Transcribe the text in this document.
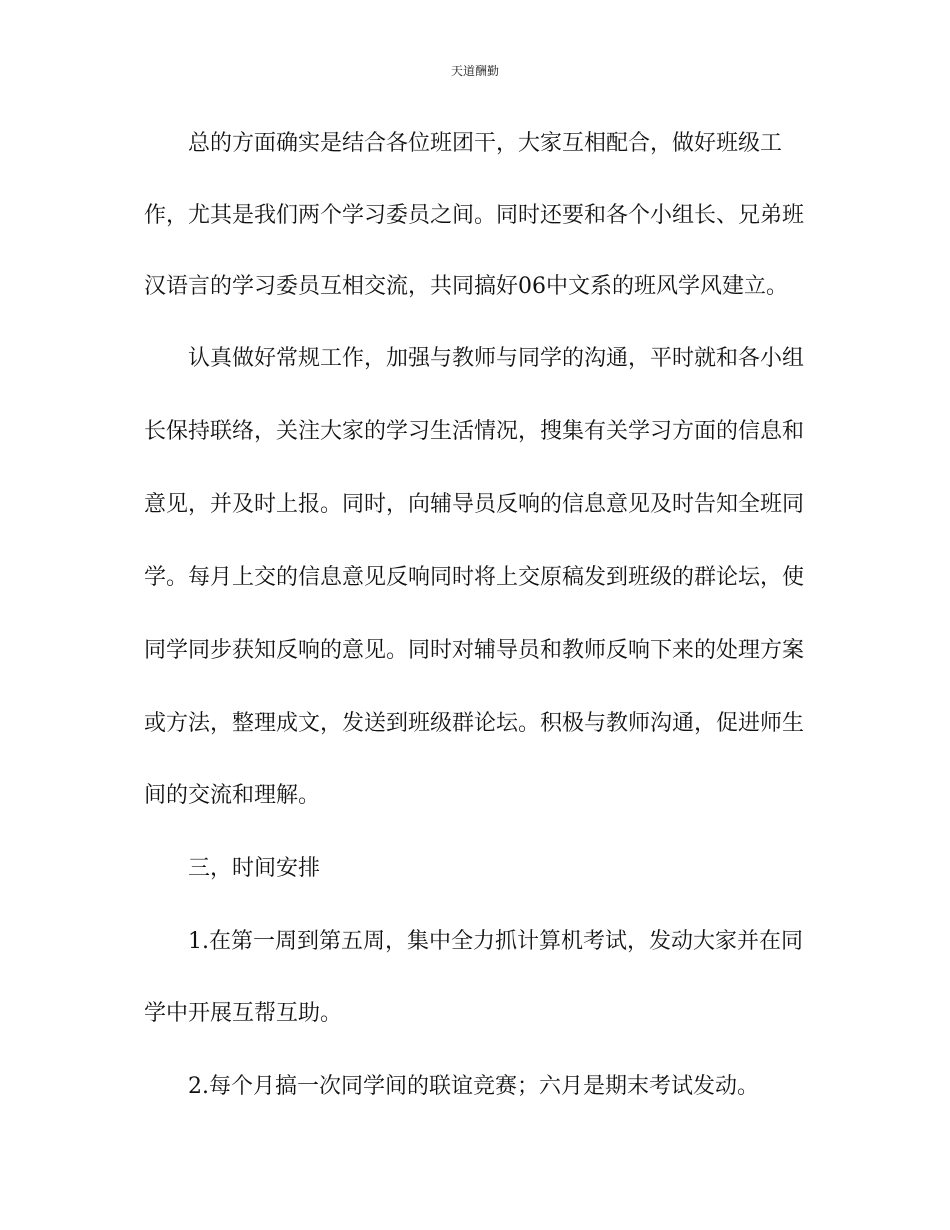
天道酬勤
总的方面确实是结合各位班团干，大家互相配合，做好班级工
作，尤其是我们两个学习委员之间。同时还要和各个小组长、兄弟班
汉语言的学习委员互相交流，共同搞好06中文系的班风学风建立。
认真做好常规工作，加强与教师与同学的沟通，平时就和各小组
长保持联络，关注大家的学习生活情况，搜集有关学习方面的信息和
意见，并及时上报。同时，向辅导员反响的信息意见及时告知全班同
学。每月上交的信息意见反响同时将上交原稿发到班级的群论坛，使
同学同步获知反响的意见。同时对辅导员和教师反响下来的处理方案
或方法，整理成文，发送到班级群论坛。积极与教师沟通，促进师生
间的交流和理解。
三，时间安排
1.在第一周到第五周，集中全力抓计算机考试，发动大家并在同
学中开展互帮互助。
2.每个月搞一次同学间的联谊竞赛；六月是期末考试发动。
